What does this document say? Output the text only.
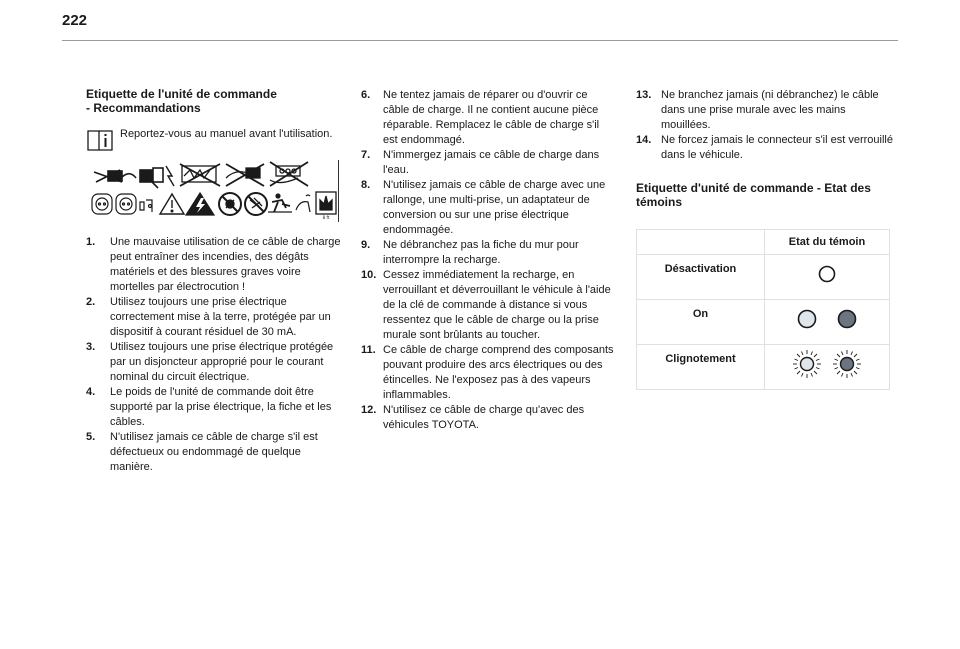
222
Etiquette de l'unité de commande
- Recommandations
Reportez-vous au manuel avant l'utilisation.
8 ft
1.	Une mauvaise utilisation de ce câble de charge peut entraîner des incendies, des dégâts matériels et des blessures graves voire mortelles par électrocution !
2.	Utilisez toujours une prise électrique correctement mise à la terre, protégée par un dispositif à courant résiduel de 30 mA.
3.	Utilisez toujours une prise électrique protégée par un disjoncteur approprié pour le courant nominal du circuit électrique.
4.	Le poids de l'unité de commande doit être supporté par la prise électrique, la fiche et les câbles.
5.	N'utilisez jamais ce câble de charge s'il est défectueux ou endommagé de quelque manière.
6.	Ne tentez jamais de réparer ou d'ouvrir ce câble de charge. Il ne contient aucune pièce réparable. Remplacez le câble de charge s'il est endommagé.
7.	N'immergez jamais ce câble de charge dans l'eau.
8.	N'utilisez jamais ce câble de charge avec une rallonge, une multi-prise, un adaptateur de conversion ou sur une prise électrique endommagée.
9.	Ne débranchez pas la fiche du mur pour interrompre la recharge.
10. Cessez immédiatement la recharge, en verrouillant et déverrouillant le véhicule à l'aide de la clé de commande à distance si vous ressentez que le câble de charge ou la prise murale sont brûlants au toucher.
11. Ce câble de charge comprend des composants pouvant produire des arcs électriques ou des étincelles. Ne l'exposez pas à des vapeurs inflammables.
12. N'utilisez ce câble de charge qu'avec des véhicules TOYOTA.
13. Ne branchez jamais (ni débranchez) le câble dans une prise murale avec les mains mouillées.
14. Ne forcez jamais le connecteur s'il est verrouillé dans le véhicule.
Etiquette d'unité de commande - Etat des
témoins
	Etat du témoin
Désactivation	
On	
Clignotement	
